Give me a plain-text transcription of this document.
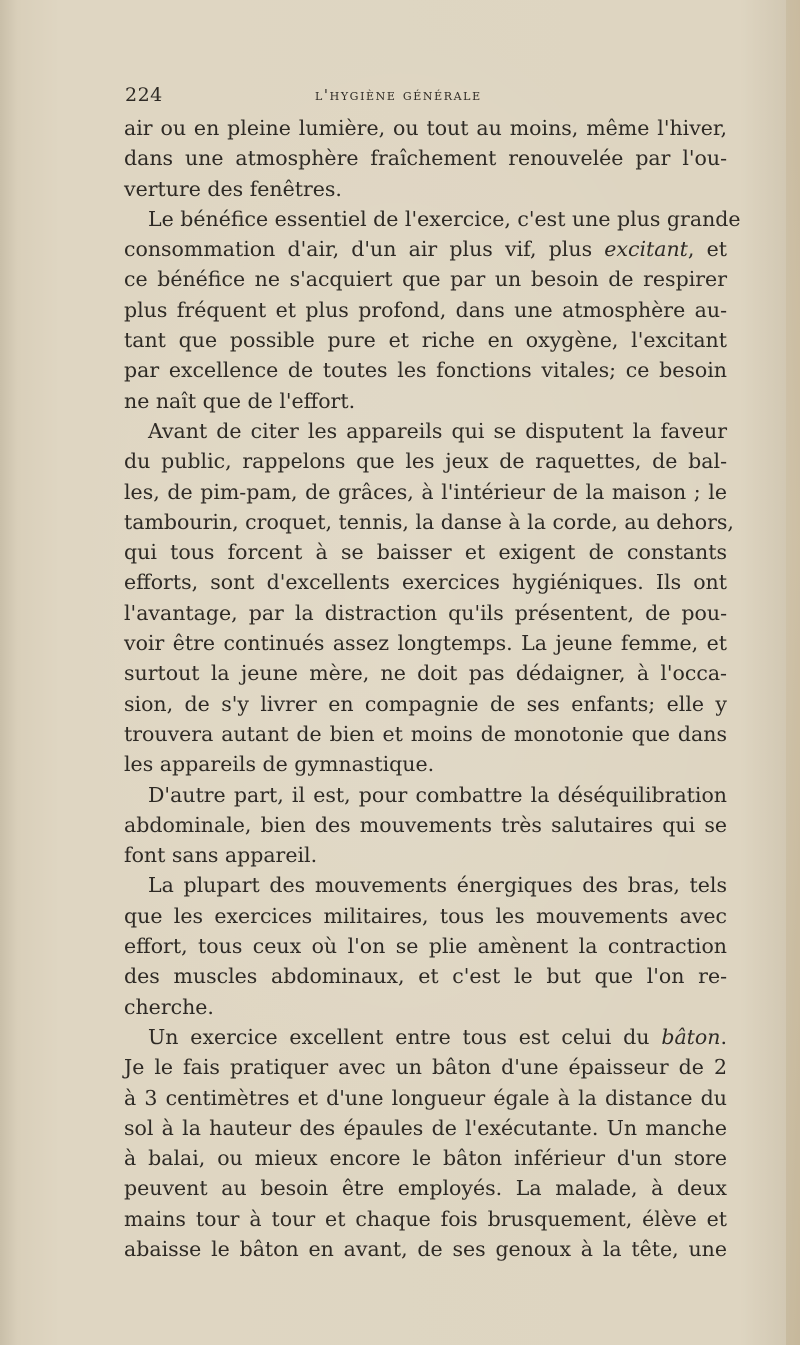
224	l'hygiène générale
air ou en pleine lumière, ou tout au moins, même l'hiver,
dans une atmosphère fraîchement renouvelée par l'ou-
verture des fenêtres.
Le bénéfice essentiel de l'exercice, c'est une plus grande
consommation d'air, d'un air plus vif, plus excitant, et
ce bénéfice ne s'acquiert que par un besoin de respirer
plus fréquent et plus profond, dans une atmosphère au-
tant que possible pure et riche en oxygène, l'excitant
par excellence de toutes les fonctions vitales; ce besoin
ne naît que de l'effort.
Avant de citer les appareils qui se disputent la faveur
du public, rappelons que les jeux de raquettes, de bal-
les, de pim-pam, de grâces, à l'intérieur de la maison ; le
tambourin, croquet, tennis, la danse à la corde, au dehors,
qui tous forcent à se baisser et exigent de constants
efforts, sont d'excellents exercices hygiéniques. Ils ont
l'avantage, par la distraction qu'ils présentent, de pou-
voir être continués assez longtemps. La jeune femme, et
surtout la jeune mère, ne doit pas dédaigner, à l'occa-
sion, de s'y livrer en compagnie de ses enfants; elle y
trouvera autant de bien et moins de monotonie que dans
les appareils de gymnastique.
D'autre part, il est, pour combattre la déséquilibration
abdominale, bien des mouvements très salutaires qui se
font sans appareil.
La plupart des mouvements énergiques des bras, tels
que les exercices militaires, tous les mouvements avec
effort, tous ceux où l'on se plie amènent la contraction
des muscles abdominaux, et c'est le but que l'on re-
cherche.
Un exercice excellent entre tous est celui du bâton.
Je le fais pratiquer avec un bâton d'une épaisseur de 2
à 3 centimètres et d'une longueur égale à la distance du
sol à la hauteur des épaules de l'exécutante. Un manche
à balai, ou mieux encore le bâton inférieur d'un store
peuvent au besoin être employés. La malade, à deux
mains tour à tour et chaque fois brusquement, élève et
abaisse le bâton en avant, de ses genoux à la tête, une
